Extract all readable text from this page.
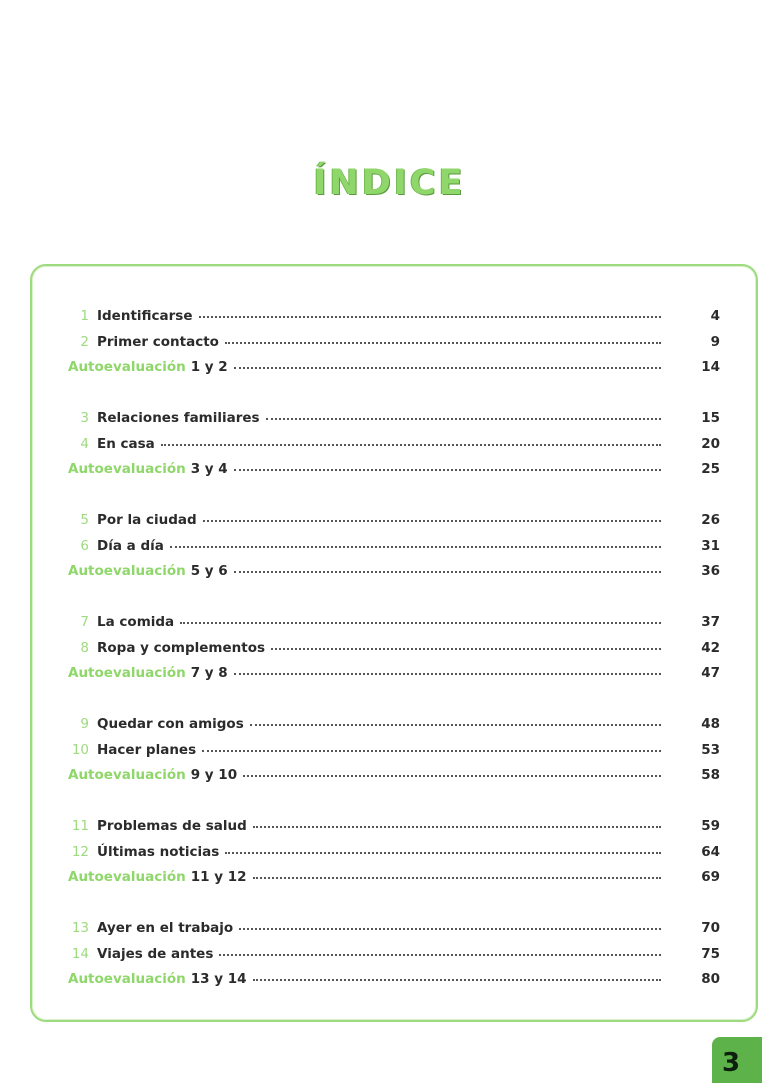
ÍNDICE
1 Identificarse	4
2 Primer contacto	9
Autoevaluación 1 y 2	14
3 Relaciones familiares	15
4 En casa	20
Autoevaluación 3 y 4	25
5 Por la ciudad	26
6 Día a día	31
Autoevaluación 5 y 6	36
7 La comida	37
8 Ropa y complementos	42
Autoevaluación 7 y 8	47
9 Quedar con amigos	48
10 Hacer planes	53
Autoevaluación 9 y 10	58
11 Problemas de salud	59
12 Últimas noticias	64
Autoevaluación 11 y 12	69
13 Ayer en el trabajo	70
14 Viajes de antes	75
Autoevaluación 13 y 14	80
3
